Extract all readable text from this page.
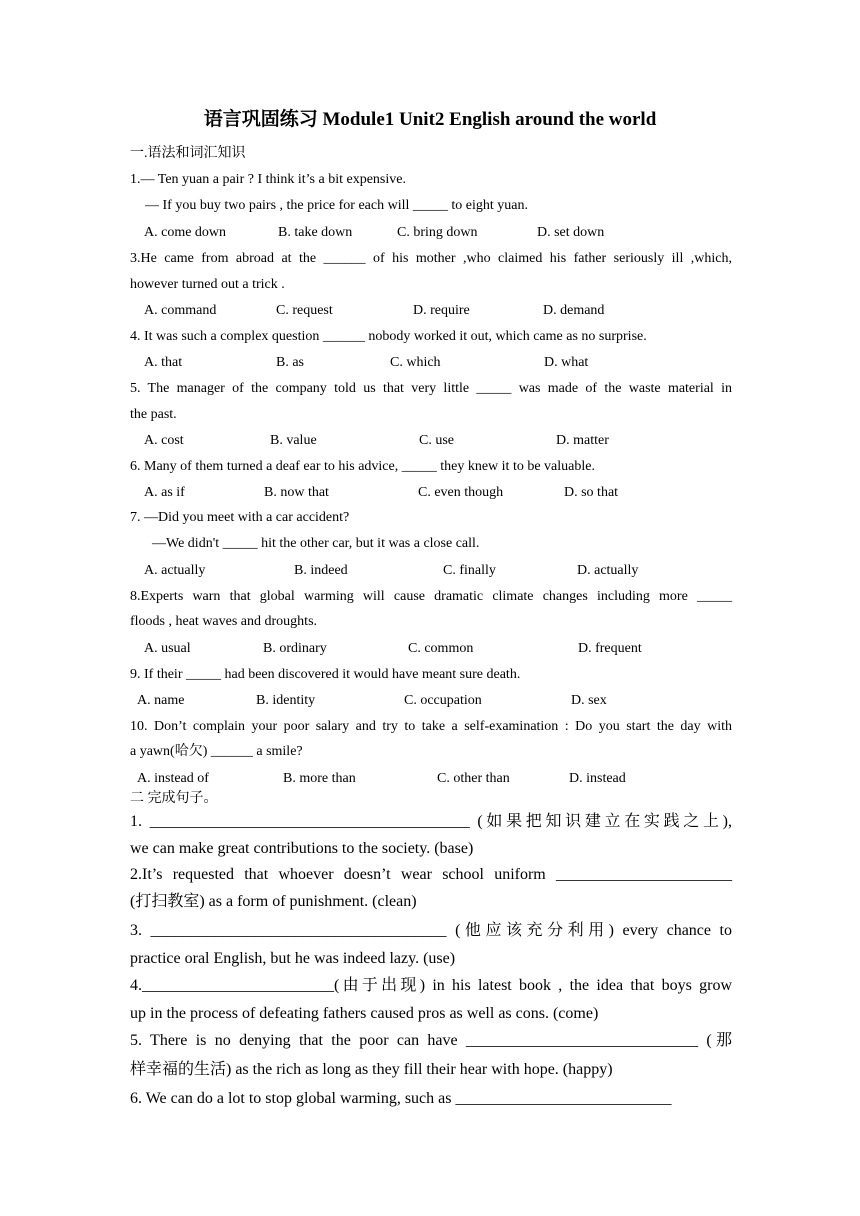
语言巩固练习 Module1 Unit2 English around the world
一.语法和词汇知识
1.— Ten yuan a pair ? I think it’s a bit expensive.
— If you buy two pairs , the price for each will _____ to eight yuan.
A. come down	B. take down	C. bring down	D. set down
3.He came from abroad at the ______ of his mother ,who claimed his father seriously ill ,which,
however turned out a trick .
A. command	C. request	D. require	D. demand
4. It was such a complex question ______ nobody worked it out, which came as no surprise.
A. that	B. as	C. which	D. what
5. The manager of the company told us that very little _____ was made of the waste material in
the past.
A. cost	B. value	C. use	D. matter
6. Many of them turned a deaf ear to his advice, _____ they knew it to be valuable.
A. as if	B. now that	C. even though	D. so that
7. —Did you meet with a car accident?
—We didn't _____ hit the other car, but it was a close call.
A. actually	B. indeed	C. finally	D. actually
8.Experts warn that global warming will cause dramatic climate changes including more _____
floods , heat waves and droughts.
A. usual	B. ordinary	C. common	D. frequent
9. If their _____ had been discovered it would have meant sure death.
A. name	B. identity	C. occupation	D. sex
10. Don’t complain your poor salary and try to take a self-examination : Do you start the day with
a yawn(哈欠) ______ a smile?
A. instead of	B. more than	C. other than	D. instead
二 完成句子。
1. ________________________________________ (如果把知识建立在实践之上),
we can make great contributions to the society. (base)
2.It’s requested that whoever doesn’t wear school uniform ______________________
(打扫教室) as a form of punishment. (clean)
3. _____________________________________ (他应该充分利用) every chance to
practice oral English, but he was indeed lazy. (use)
4.________________________(由于出现) in his latest book , the idea that boys grow
up in the process of defeating fathers caused pros as well as cons. (come)
5. There is no denying that the poor can have _____________________________ (那
样幸福的生活) as the rich as long as they fill their hear with hope. (happy)
6. We can do a lot to stop global warming, such as ___________________________
